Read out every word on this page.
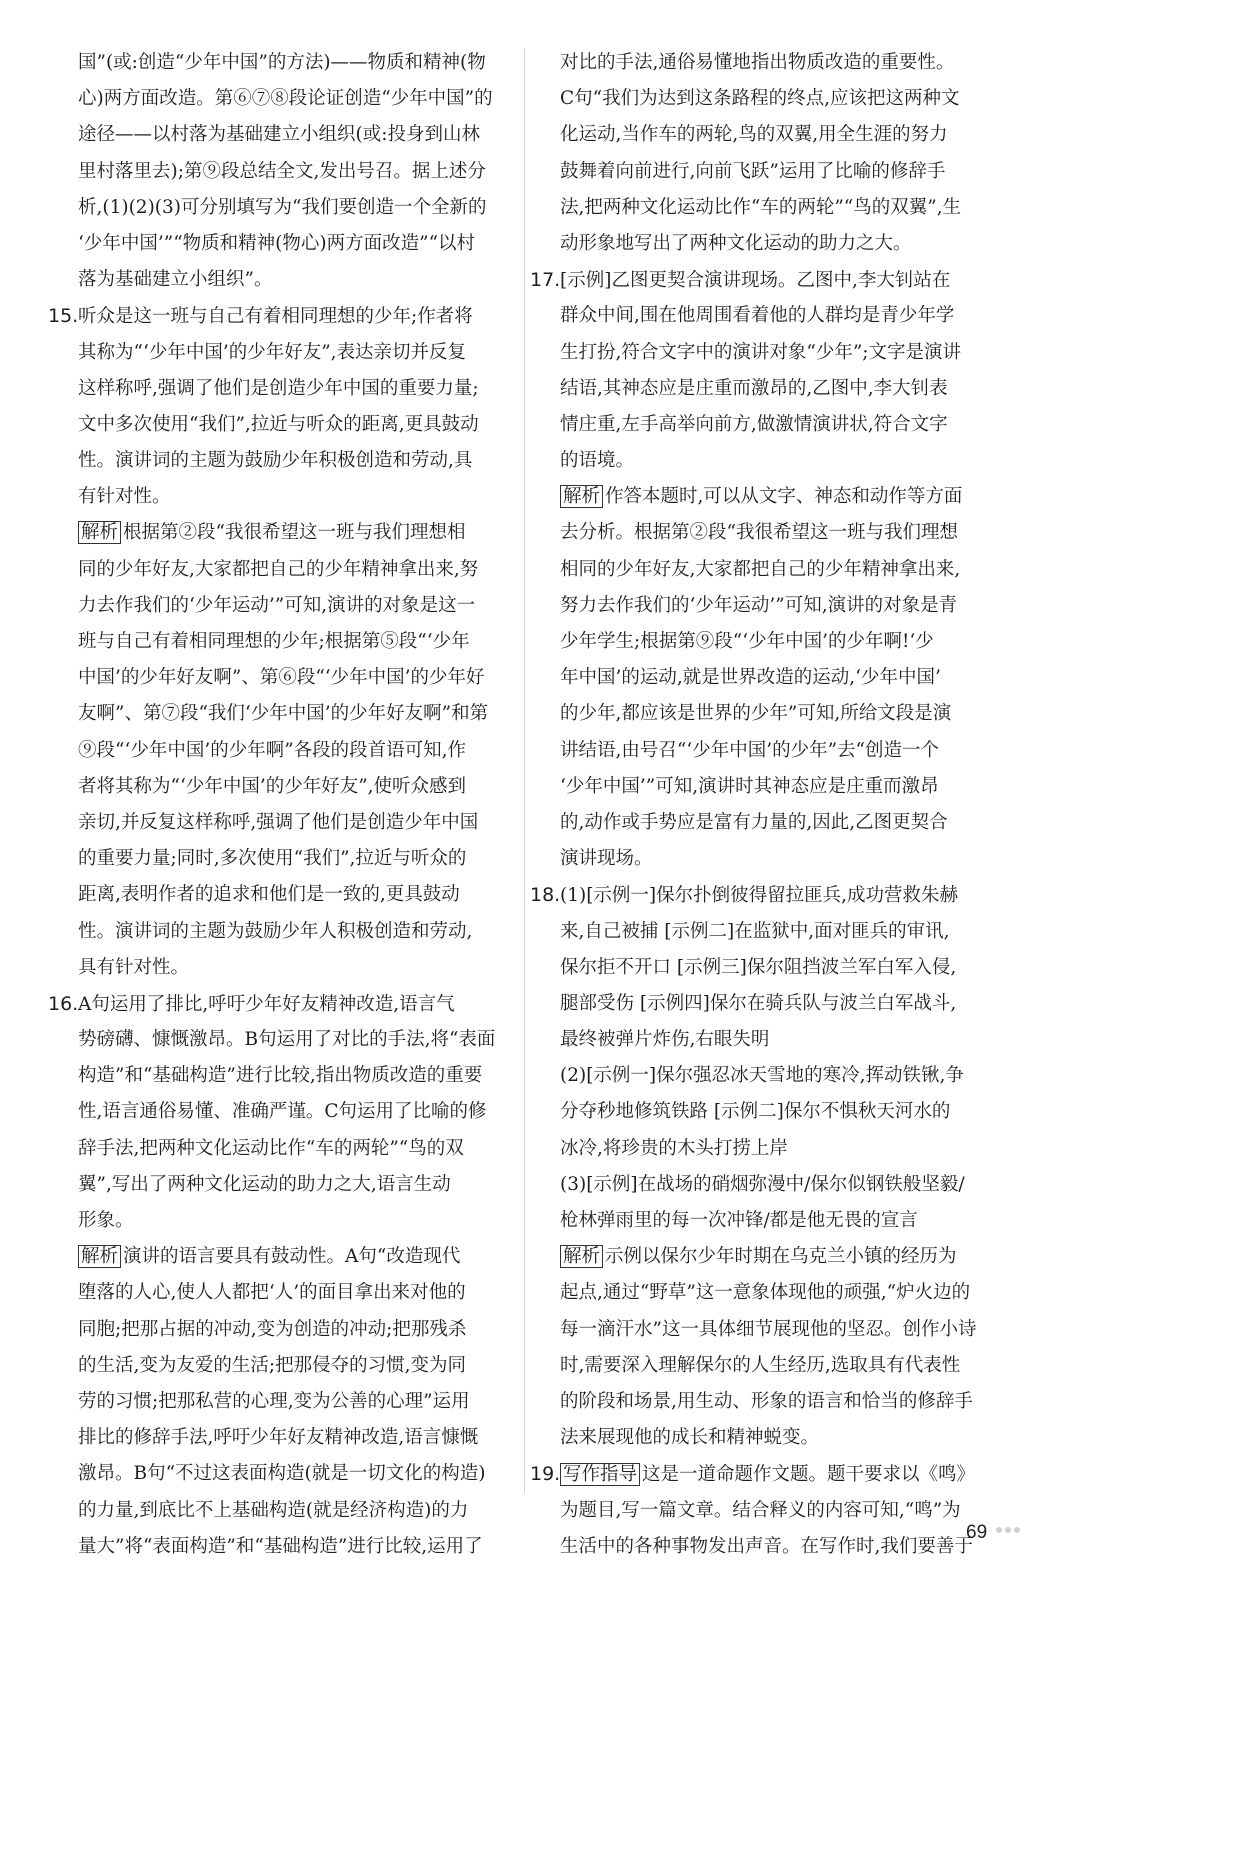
国”(或:创造“少年中国”的方法)——物质和精神(物
心)两方面改造。第⑥⑦⑧段论证创造“少年中国”的
途径——以村落为基础建立小组织(或:投身到山林
里村落里去);第⑨段总结全文,发出号召。据上述分
析,(1)(2)(3)可分别填写为“我们要创造一个全新的
‘少年中国’”“物质和精神(物心)两方面改造”“以村
落为基础建立小组织”。
15.听众是这一班与自己有着相同理想的少年;作者将
其称为“‘少年中国’的少年好友”,表达亲切并反复
这样称呼,强调了他们是创造少年中国的重要力量;
文中多次使用“我们”,拉近与听众的距离,更具鼓动
性。演讲词的主题为鼓励少年积极创造和劳动,具
有针对性。
解析 根据第②段“我很希望这一班与我们理想相
同的少年好友,大家都把自己的少年精神拿出来,努
力去作我们的‘少年运动’”可知,演讲的对象是这一
班与自己有着相同理想的少年;根据第⑤段“‘少年
中国’的少年好友啊”、第⑥段“‘少年中国’的少年好
友啊”、第⑦段“我们‘少年中国’的少年好友啊”和第
⑨段“‘少年中国’的少年啊”各段的段首语可知,作
者将其称为“‘少年中国’的少年好友”,使听众感到
亲切,并反复这样称呼,强调了他们是创造少年中国
的重要力量;同时,多次使用“我们”,拉近与听众的
距离,表明作者的追求和他们是一致的,更具鼓动
性。演讲词的主题为鼓励少年人积极创造和劳动,
具有针对性。
16.A句运用了排比,呼吁少年好友精神改造,语言气
势磅礴、慷慨激昂。B句运用了对比的手法,将“表面
构造”和“基础构造”进行比较,指出物质改造的重要
性,语言通俗易懂、准确严谨。C句运用了比喻的修
辞手法,把两种文化运动比作“车的两轮”“鸟的双
翼”,写出了两种文化运动的助力之大,语言生动
形象。
解析 演讲的语言要具有鼓动性。A句“改造现代
堕落的人心,使人人都把‘人’的面目拿出来对他的
同胞;把那占据的冲动,变为创造的冲动;把那残杀
的生活,变为友爱的生活;把那侵夺的习惯,变为同
劳的习惯;把那私营的心理,变为公善的心理”运用
排比的修辞手法,呼吁少年好友精神改造,语言慷慨
激昂。B句“不过这表面构造(就是一切文化的构造)
的力量,到底比不上基础构造(就是经济构造)的力
量大”将“表面构造”和“基础构造”进行比较,运用了
对比的手法,通俗易懂地指出物质改造的重要性。
C句“我们为达到这条路程的终点,应该把这两种文
化运动,当作车的两轮,鸟的双翼,用全生涯的努力
鼓舞着向前进行,向前飞跃”运用了比喻的修辞手
法,把两种文化运动比作“车的两轮”“鸟的双翼”,生
动形象地写出了两种文化运动的助力之大。
17.[示例]乙图更契合演讲现场。乙图中,李大钊站在
群众中间,围在他周围看着他的人群均是青少年学
生打扮,符合文字中的演讲对象“少年”;文字是演讲
结语,其神态应是庄重而激昂的,乙图中,李大钊表
情庄重,左手高举向前方,做激情演讲状,符合文字
的语境。
解析 作答本题时,可以从文字、神态和动作等方面
去分析。根据第②段“我很希望这一班与我们理想
相同的少年好友,大家都把自己的少年精神拿出来,
努力去作我们的‘少年运动’”可知,演讲的对象是青
少年学生;根据第⑨段“‘少年中国’的少年啊!‘少
年中国’的运动,就是世界改造的运动,‘少年中国’
的少年,都应该是世界的少年”可知,所给文段是演
讲结语,由号召“‘少年中国’的少年”去“创造一个
‘少年中国’”可知,演讲时其神态应是庄重而激昂
的,动作或手势应是富有力量的,因此,乙图更契合
演讲现场。
18.(1)[示例一]保尔扑倒彼得留拉匪兵,成功营救朱赫
来,自己被捕 [示例二]在监狱中,面对匪兵的审讯,
保尔拒不开口 [示例三]保尔阻挡波兰军白军入侵,
腿部受伤 [示例四]保尔在骑兵队与波兰白军战斗,
最终被弹片炸伤,右眼失明
(2)[示例一]保尔强忍冰天雪地的寒冷,挥动铁锹,争
分夺秒地修筑铁路 [示例二]保尔不惧秋天河水的
冰冷,将珍贵的木头打捞上岸
(3)[示例]在战场的硝烟弥漫中/保尔似钢铁般坚毅/
枪林弹雨里的每一次冲锋/都是他无畏的宣言
解析 示例以保尔少年时期在乌克兰小镇的经历为
起点,通过“野草”这一意象体现他的顽强,“炉火边的
每一滴汗水”这一具体细节展现他的坚忍。创作小诗
时,需要深入理解保尔的人生经历,选取具有代表性
的阶段和场景,用生动、形象的语言和恰当的修辞手
法来展现他的成长和精神蜕变。
19. 写作指导 这是一道命题作文题。题干要求以《鸣》
为题目,写一篇文章。结合释义的内容可知,“鸣”为
生活中的各种事物发出声音。在写作时,我们要善于
69
